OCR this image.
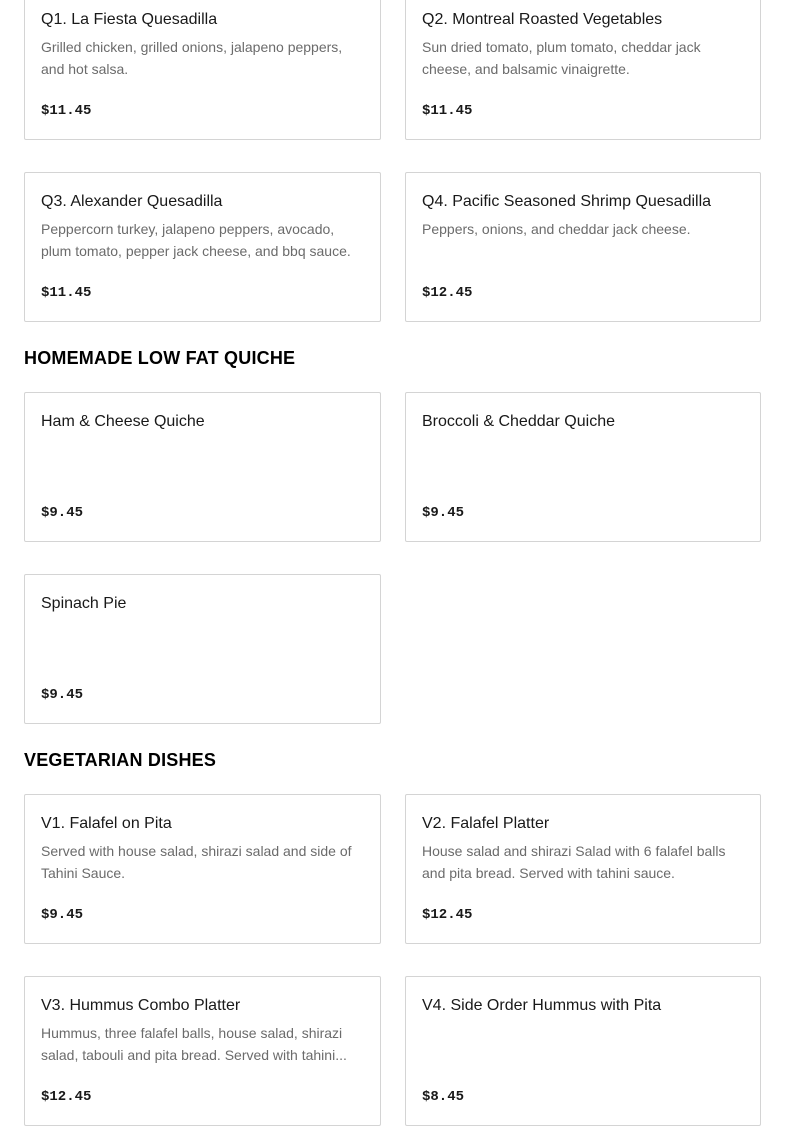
Q1. La Fiesta Quesadilla
Grilled chicken, grilled onions, jalapeno peppers, and hot salsa.
$11.45
Q2. Montreal Roasted Vegetables
Sun dried tomato, plum tomato, cheddar jack cheese, and balsamic vinaigrette.
$11.45
Q3. Alexander Quesadilla
Peppercorn turkey, jalapeno peppers, avocado, plum tomato, pepper jack cheese, and bbq sauce.
$11.45
Q4. Pacific Seasoned Shrimp Quesadilla
Peppers, onions, and cheddar jack cheese.
$12.45
HOMEMADE LOW FAT QUICHE
Ham & Cheese Quiche
$9.45
Broccoli & Cheddar Quiche
$9.45
Spinach Pie
$9.45
VEGETARIAN DISHES
V1. Falafel on Pita
Served with house salad, shirazi salad and side of Tahini Sauce.
$9.45
V2. Falafel Platter
House salad and shirazi Salad with 6 falafel balls and pita bread. Served with tahini sauce.
$12.45
V3. Hummus Combo Platter
Hummus, three falafel balls, house salad, shirazi salad, tabouli and pita bread. Served with tahini...
$12.45
V4. Side Order Hummus with Pita
$8.45
